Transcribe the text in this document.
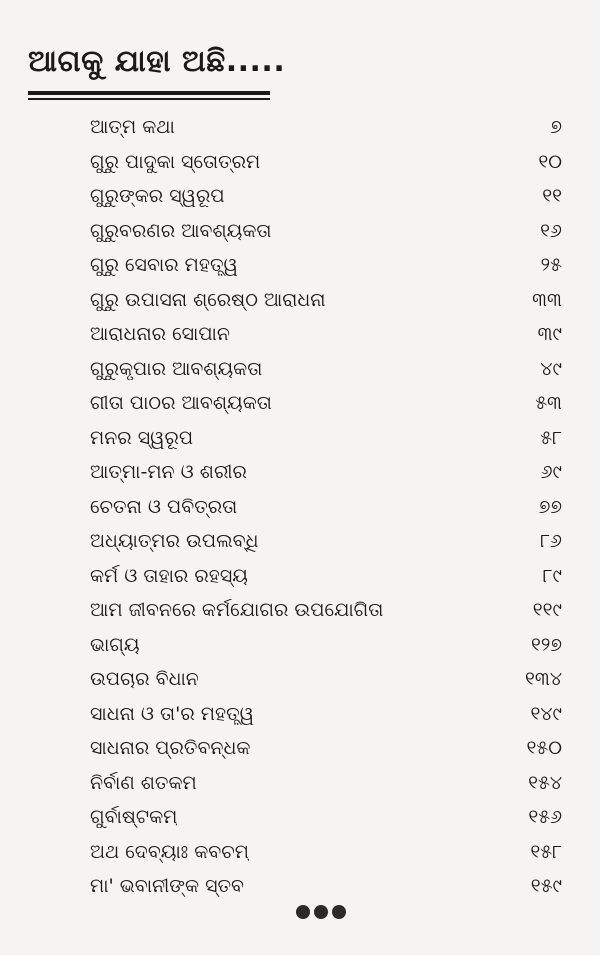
ଆଗକୁ ଯାହା ଅଛି.....
ଆତ୍ମ କଥା	୭
ଗୁରୁ ପାଦୁକା ସ୍ତୋତ୍ରମ	୧୦
ଗୁରୁଙ୍କର ସ୍ୱରୂପ	୧୧
ଗୁରୁବରଣର ଆବଶ୍ୟକତା	୧୬
ଗୁରୁ ସେବାର ମହତ୍ତ୍ୱ	୨୫
ଗୁରୁ ଉପାସନା ଶ୍ରେଷ୍ଠ ଆରାଧନା	୩୩
ଆରାଧନାର ସୋପାନ	୩୯
ଗୁରୁକୃପାର ଆବଶ୍ୟକତା	୪୯
ଗୀତା ପାଠର ଆବଶ୍ୟକତା	୫୩
ମନର ସ୍ୱରୂପ	୫୮
ଆତ୍ମା-ମନ ଓ ଶରୀର	୬୯
ଚେତନା ଓ ପବିତ୍ରତା	୭୭
ଅଧ୍ୟାତ୍ମର ଉପଲବ୍ଧି	୮୬
କର୍ମ ଓ ତାହାର ରହସ୍ୟ	୮୯
ଆମ ଜୀବନରେ କର୍ମଯୋଗର ଉପଯୋଗିତା	୧୧୯
ଭାଗ୍ୟ	୧୨୭
ଉପଚାର ବିଧାନ	୧୩୪
ସାଧନା ଓ ତା'ର ମହତ୍ତ୍ୱ	୧୪୯
ସାଧନାର ପ୍ରତିବନ୍ଧକ	୧୫୦
ନିର୍ବାଣ ଶତକମ	୧୫୪
ଗୁର୍ବାଷ୍ଟକମ୍	୧୫୬
ଅଥ ଦେବ୍ୟାଃ କବଚମ୍	୧୫୮
ମା' ଭବାନୀଙ୍କ ସ୍ତବ	୧୫୯
